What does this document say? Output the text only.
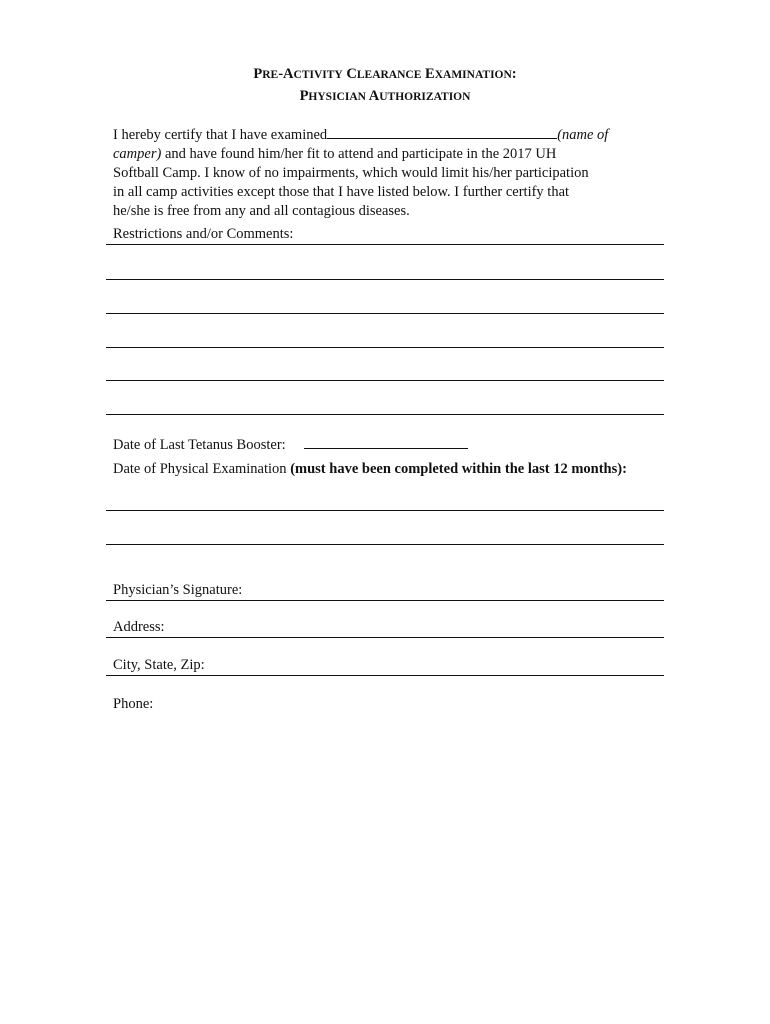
PRE-ACTIVITY CLEARANCE EXAMINATION:
PHYSICIAN AUTHORIZATION
I hereby certify that I have examined	(name of
camper) and have found him/her fit to attend and participate in the 2017 UH
Softball Camp. I know of no impairments, which would limit his/her participation
in all camp activities except those that I have listed below. I further certify that
he/she is free from any and all contagious diseases.
Restrictions and/or Comments:
Date of Last Tetanus Booster:
Date of Physical Examination (must have been completed within the last 12 months):
Physician’s Signature:
Address:
City, State, Zip:
Phone:
